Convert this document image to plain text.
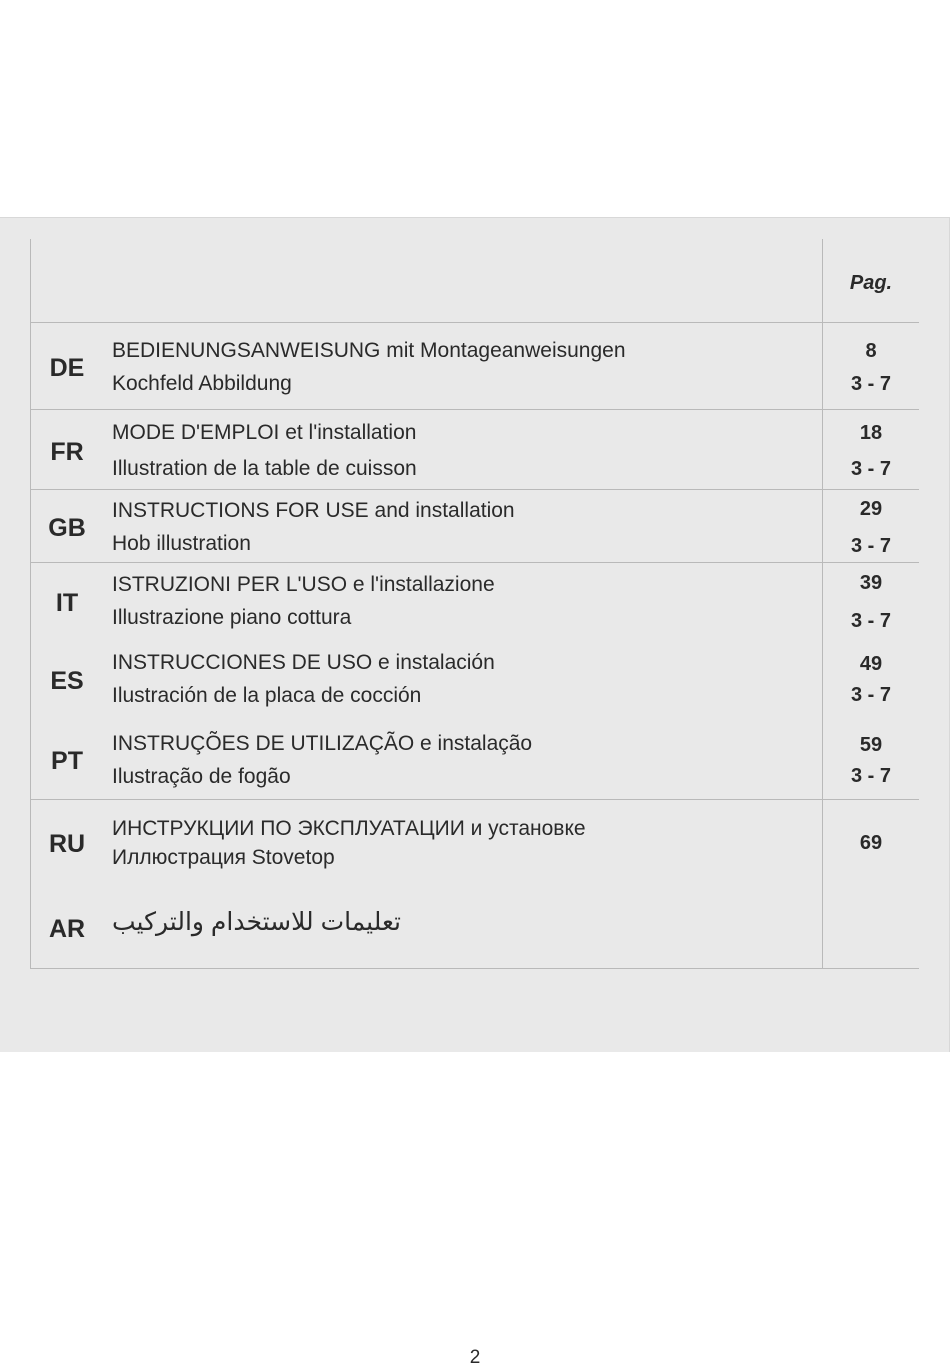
Pag.
DE
BEDIENUNGSANWEISUNG mit Montageanweisungen
Kochfeld Abbildung
8
3 - 7
FR
MODE D'EMPLOI et l'installation
Illustration de la table de cuisson
18
3 - 7
GB
INSTRUCTIONS FOR USE and installation
Hob illustration
29
3 - 7
IT
ISTRUZIONI PER L'USO e l'installazione
Illustrazione piano cottura
39
3 - 7
ES
INSTRUCCIONES DE USO e instalación
Ilustración de la placa de cocción
49
3 - 7
PT
INSTRUÇÕES DE UTILIZAÇÃO e instalação
Ilustração de fogão
59
3 - 7
RU
ИНСТРУКЦИИ ПО ЭКСПЛУАТАЦИИ и установке
Иллюстрация Stovetop
69
AR	تعليمات للاستخدام والتركيب
2
